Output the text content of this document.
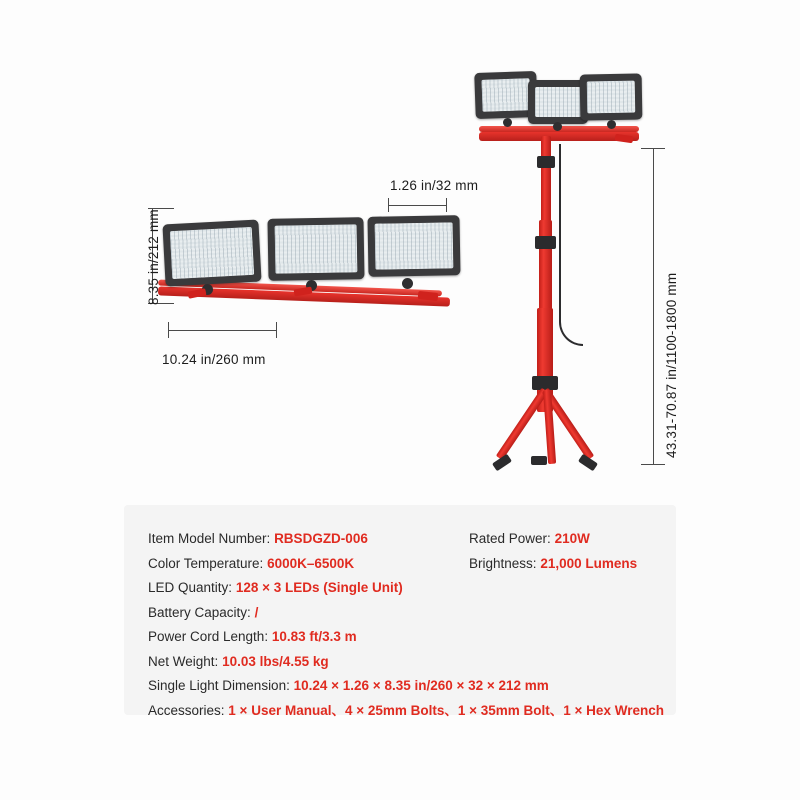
8.35 in/212 mm
10.24 in/260 mm
1.26 in/32 mm
43.31-70.87 in/1100-1800 mm
Item Model Number: RBSDGZD-006
Color Temperature: 6000K–6500K
LED Quantity: 128 × 3 LEDs (Single Unit)
Battery Capacity: /
Power Cord Length: 10.83 ft/3.3 m
Net Weight: 10.03 lbs/4.55 kg
Single Light Dimension: 10.24 × 1.26 × 8.35 in/260 × 32 × 212 mm
Accessories: 1 × User Manual、4 × 25mm Bolts、1 × 35mm Bolt、1 × Hex Wrench
Rated Power: 210W
Brightness: 21,000 Lumens
